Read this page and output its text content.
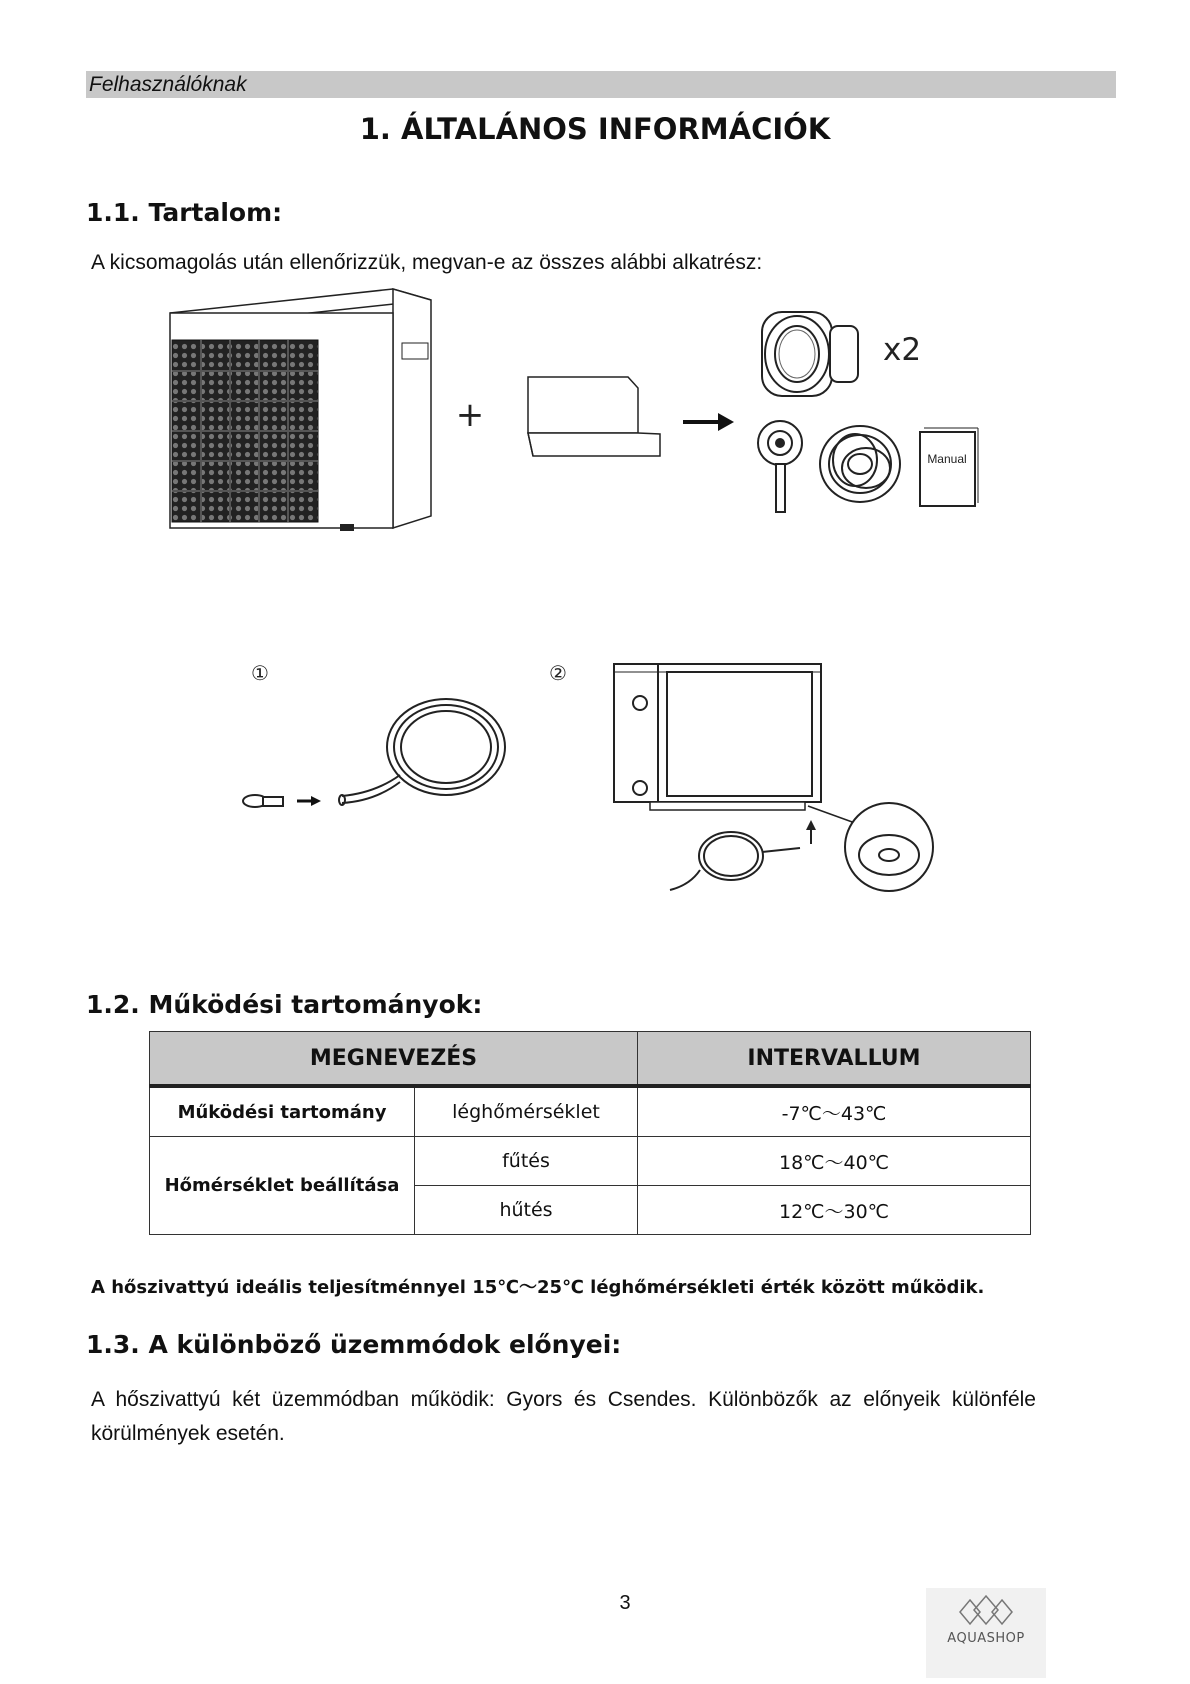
Felhasználóknak
1. ÁLTALÁNOS INFORMÁCIÓK
1.1. Tartalom:
A kicsomagolás után ellenőrizzük, megvan-e az összes alábbi alkatrész:
+
x2
Manual
①	②
1.2. Működési tartományok:
MEGNEVEZÉS		INTERVALLUM
Működési tartomány	léghőmérséklet	-7℃～43℃
Hőmérséklet beállítása	fűtés	18℃～40℃
	hűtés	12℃～30℃
A hőszivattyú ideális teljesítménnyel 15℃～25℃ léghőmérsékleti érték között működik.
1.3. A különböző üzemmódok előnyei:
A hőszivattyú két üzemmódban működik: Gyors és Csendes. Különbözők az előnyeik különféle körülmények esetén.
3
AQUASHOP
